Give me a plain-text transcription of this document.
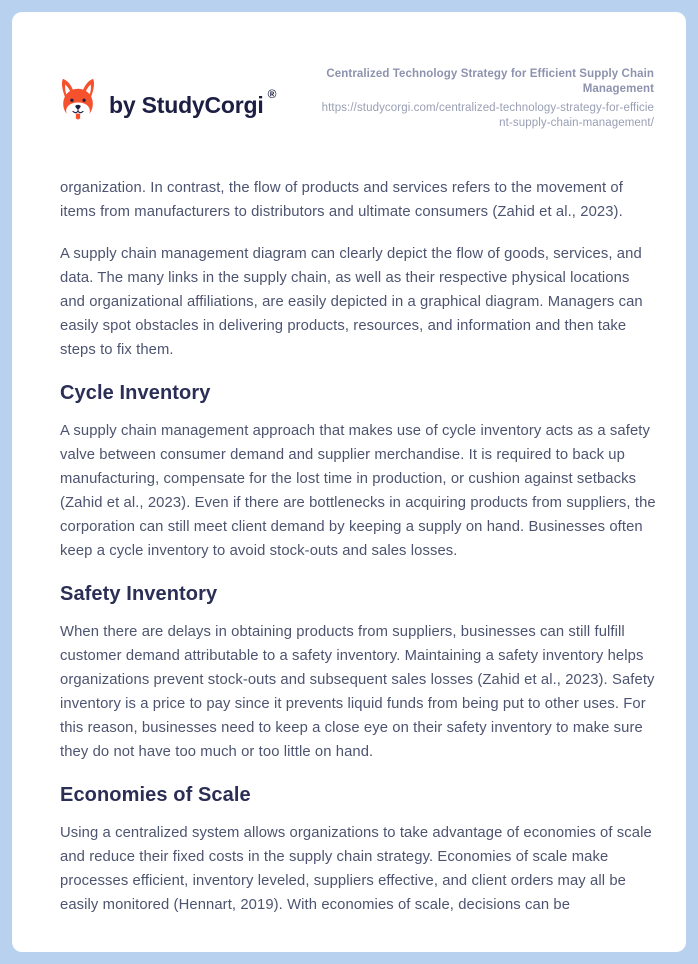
by StudyCorgi ®
Centralized Technology Strategy for Efficient Supply Chain Management
https://studycorgi.com/centralized-technology-strategy-for-efficient-supply-chain-management/

organization. In contrast, the flow of products and services refers to the movement of items from manufacturers to distributors and ultimate consumers (Zahid et al., 2023).

A supply chain management diagram can clearly depict the flow of goods, services, and data. The many links in the supply chain, as well as their respective physical locations and organizational affiliations, are easily depicted in a graphical diagram. Managers can easily spot obstacles in delivering products, resources, and information and then take steps to fix them.

Cycle Inventory

A supply chain management approach that makes use of cycle inventory acts as a safety valve between consumer demand and supplier merchandise. It is required to back up manufacturing, compensate for the lost time in production, or cushion against setbacks (Zahid et al., 2023). Even if there are bottlenecks in acquiring products from suppliers, the corporation can still meet client demand by keeping a supply on hand. Businesses often keep a cycle inventory to avoid stock-outs and sales losses.

Safety Inventory

When there are delays in obtaining products from suppliers, businesses can still fulfill customer demand attributable to a safety inventory. Maintaining a safety inventory helps organizations prevent stock-outs and subsequent sales losses (Zahid et al., 2023). Safety inventory is a price to pay since it prevents liquid funds from being put to other uses. For this reason, businesses need to keep a close eye on their safety inventory to make sure they do not have too much or too little on hand.

Economies of Scale

Using a centralized system allows organizations to take advantage of economies of scale and reduce their fixed costs in the supply chain strategy. Economies of scale make processes efficient, inventory leveled, suppliers effective, and client orders may all be easily monitored (Hennart, 2019). With economies of scale, decisions can be
